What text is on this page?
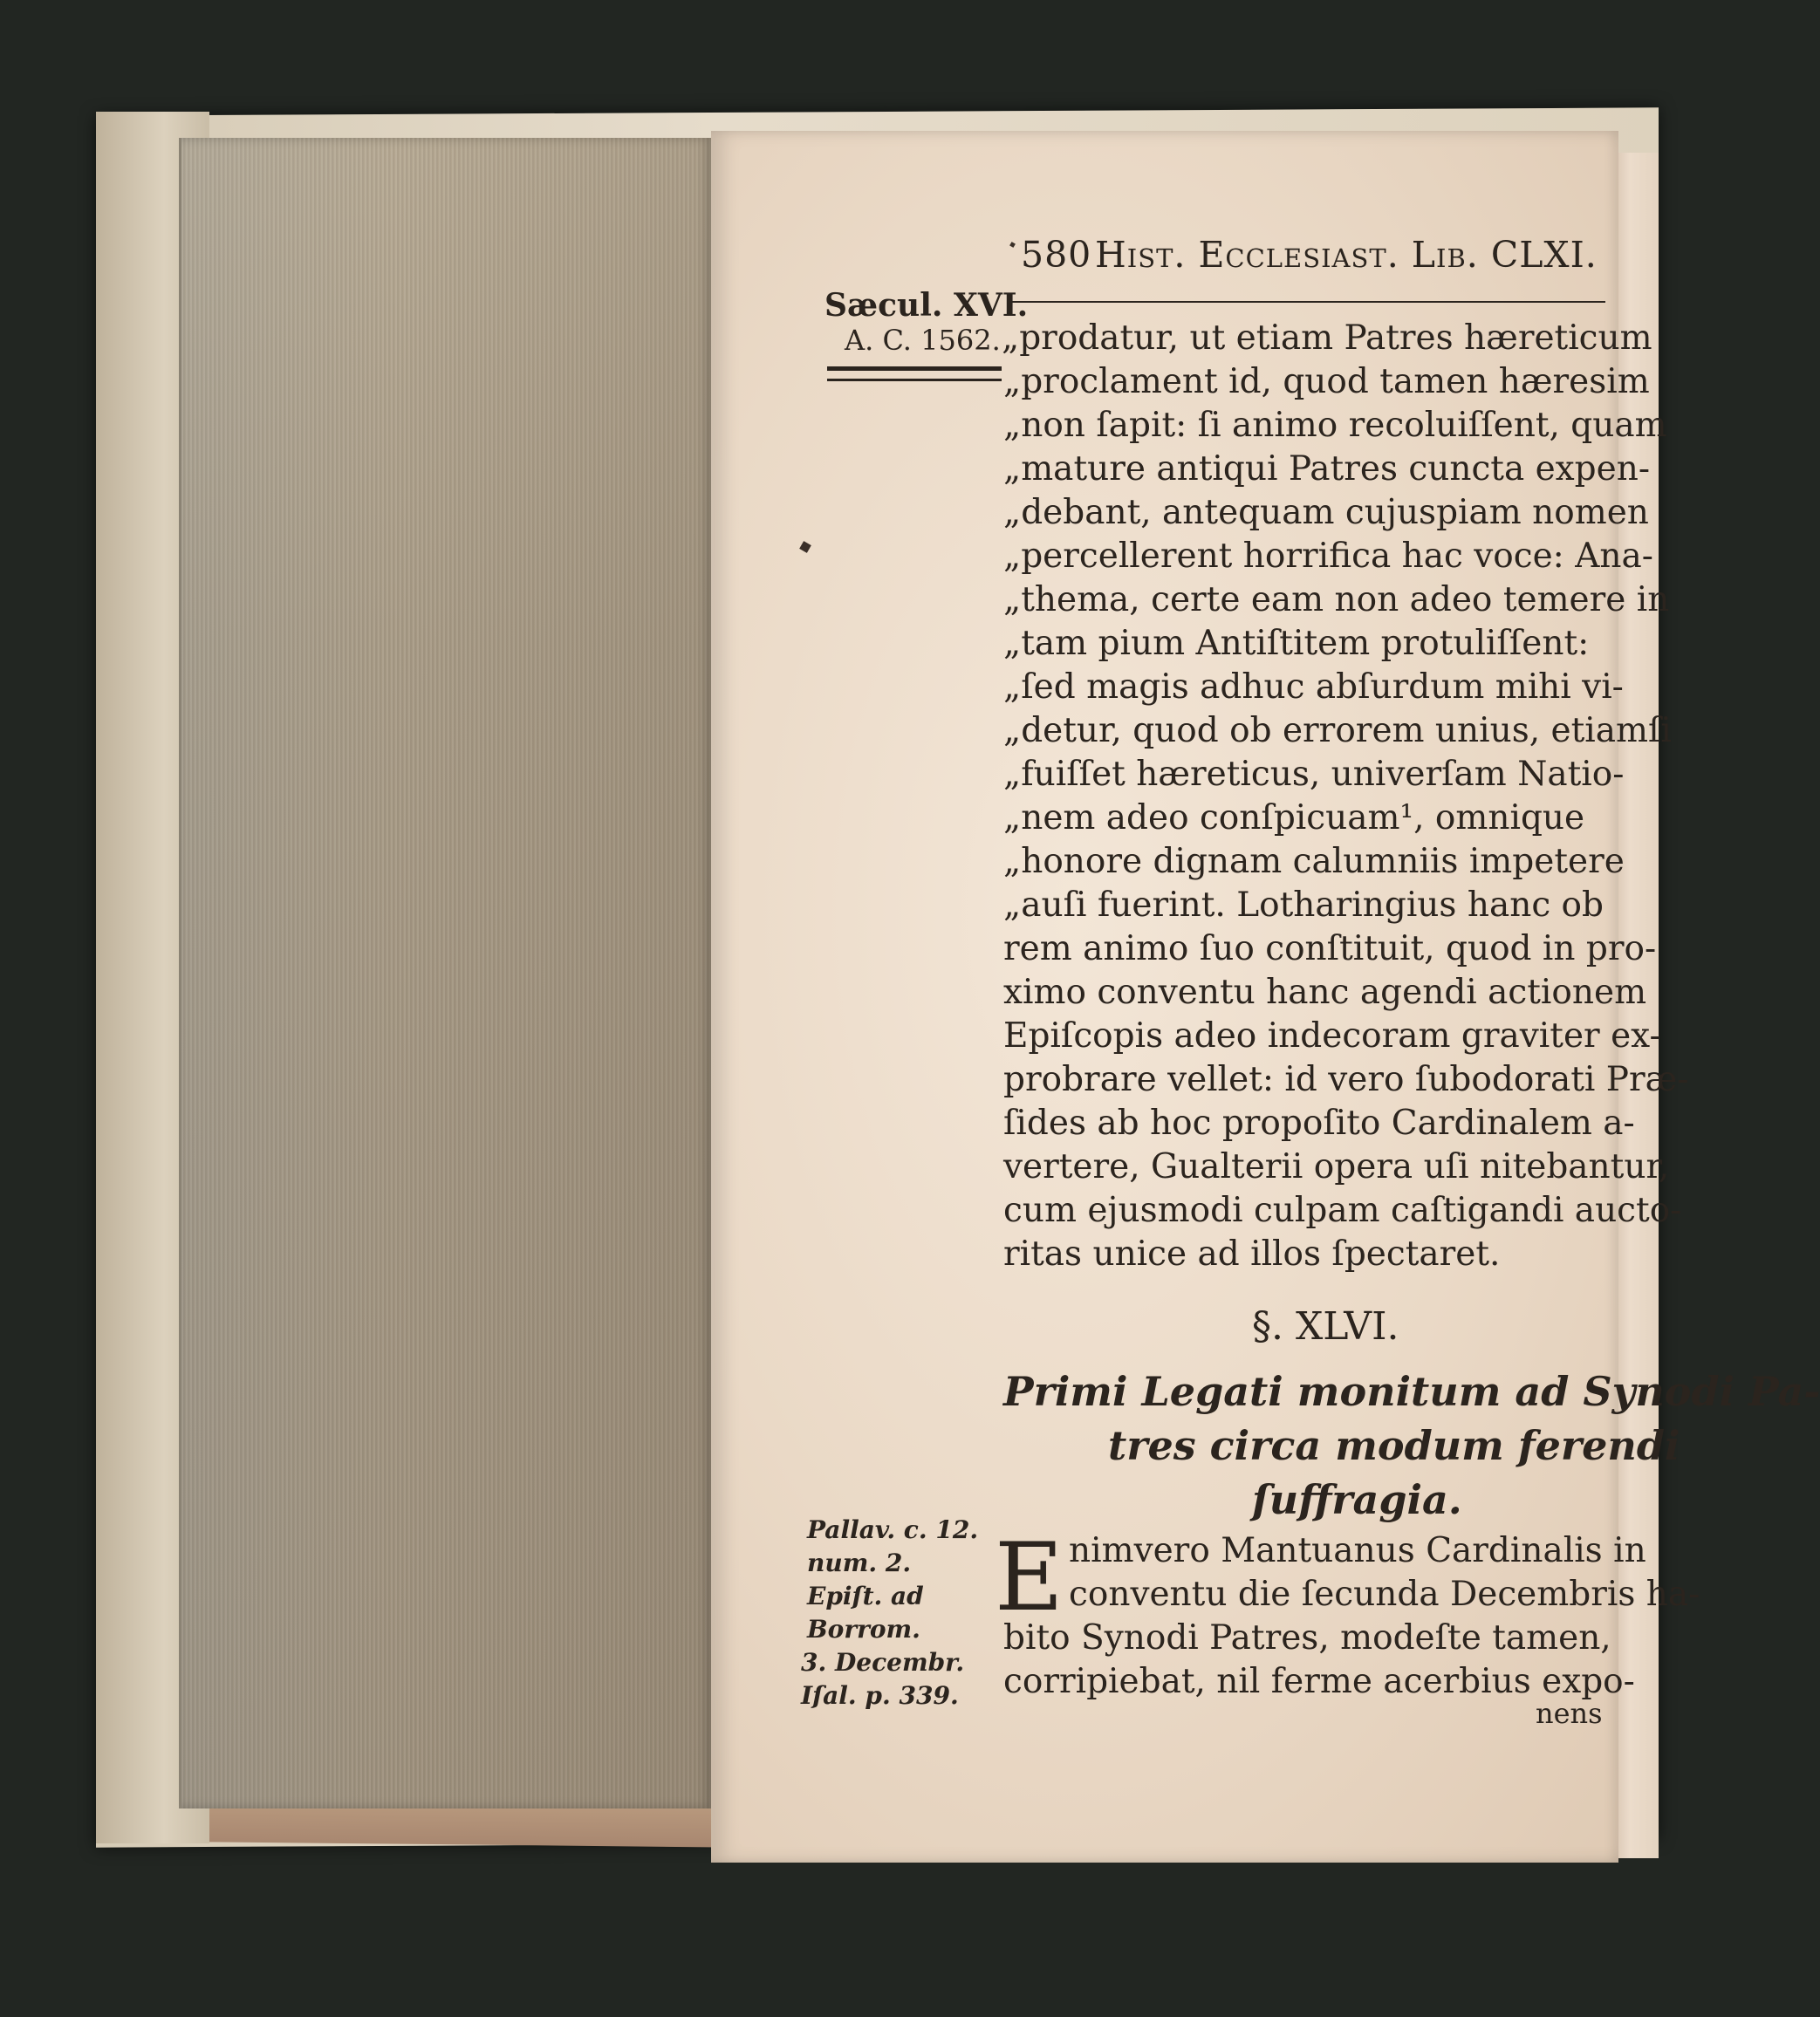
580 Hist. Ecclesiast. Lib. CLXI.
Sæcul. XVI.
A. C. 1562. „prodatur, ut etiam Patres hæreticum
„proclament id, quod tamen hæresim
„non ſapit: ſi animo recoluiſſent, quam
„mature antiqui Patres cuncta expen-
„debant, antequam cujuspiam nomen
„percellerent horrifica hac voce: Ana-
„thema, certe eam non adeo temere in
„tam pium Antiſtitem protuliſſent:
„ſed magis adhuc abſurdum mihi vi-
„detur, quod ob errorem unius, etiamſi
„fuiſſet hæreticus, univerſam Natio-
„nem adeo conſpicuam¹, omnique
„honore dignam calumniis impetere
„auſi fuerint. Lotharingius hanc ob
rem animo ſuo conſtituit, quod in pro-
ximo conventu hanc agendi actionem
Epiſcopis adeo indecoram graviter ex-
probrare vellet: id vero ſubodorati Præ-
ſides ab hoc propoſito Cardinalem a-
vertere, Gualterii opera uſi nitebantur,
cum ejusmodi culpam caſtigandi aucto-
ritas unice ad illos ſpectaret.
§. XLVI.
Primi Legati monitum ad Synodi Pa-
tres circa modum ferendi
ſuffragia.
Pallav. c. 12.
num. 2.
Epiſt. ad
Borrom.
3. Decembr.
Iſal. p. 339.
E nimvero Mantuanus Cardinalis in
conventu die ſecunda Decembris ha-
bito Synodi Patres, modeſte tamen,
corripiebat, nil ferme acerbius expo-
nens
